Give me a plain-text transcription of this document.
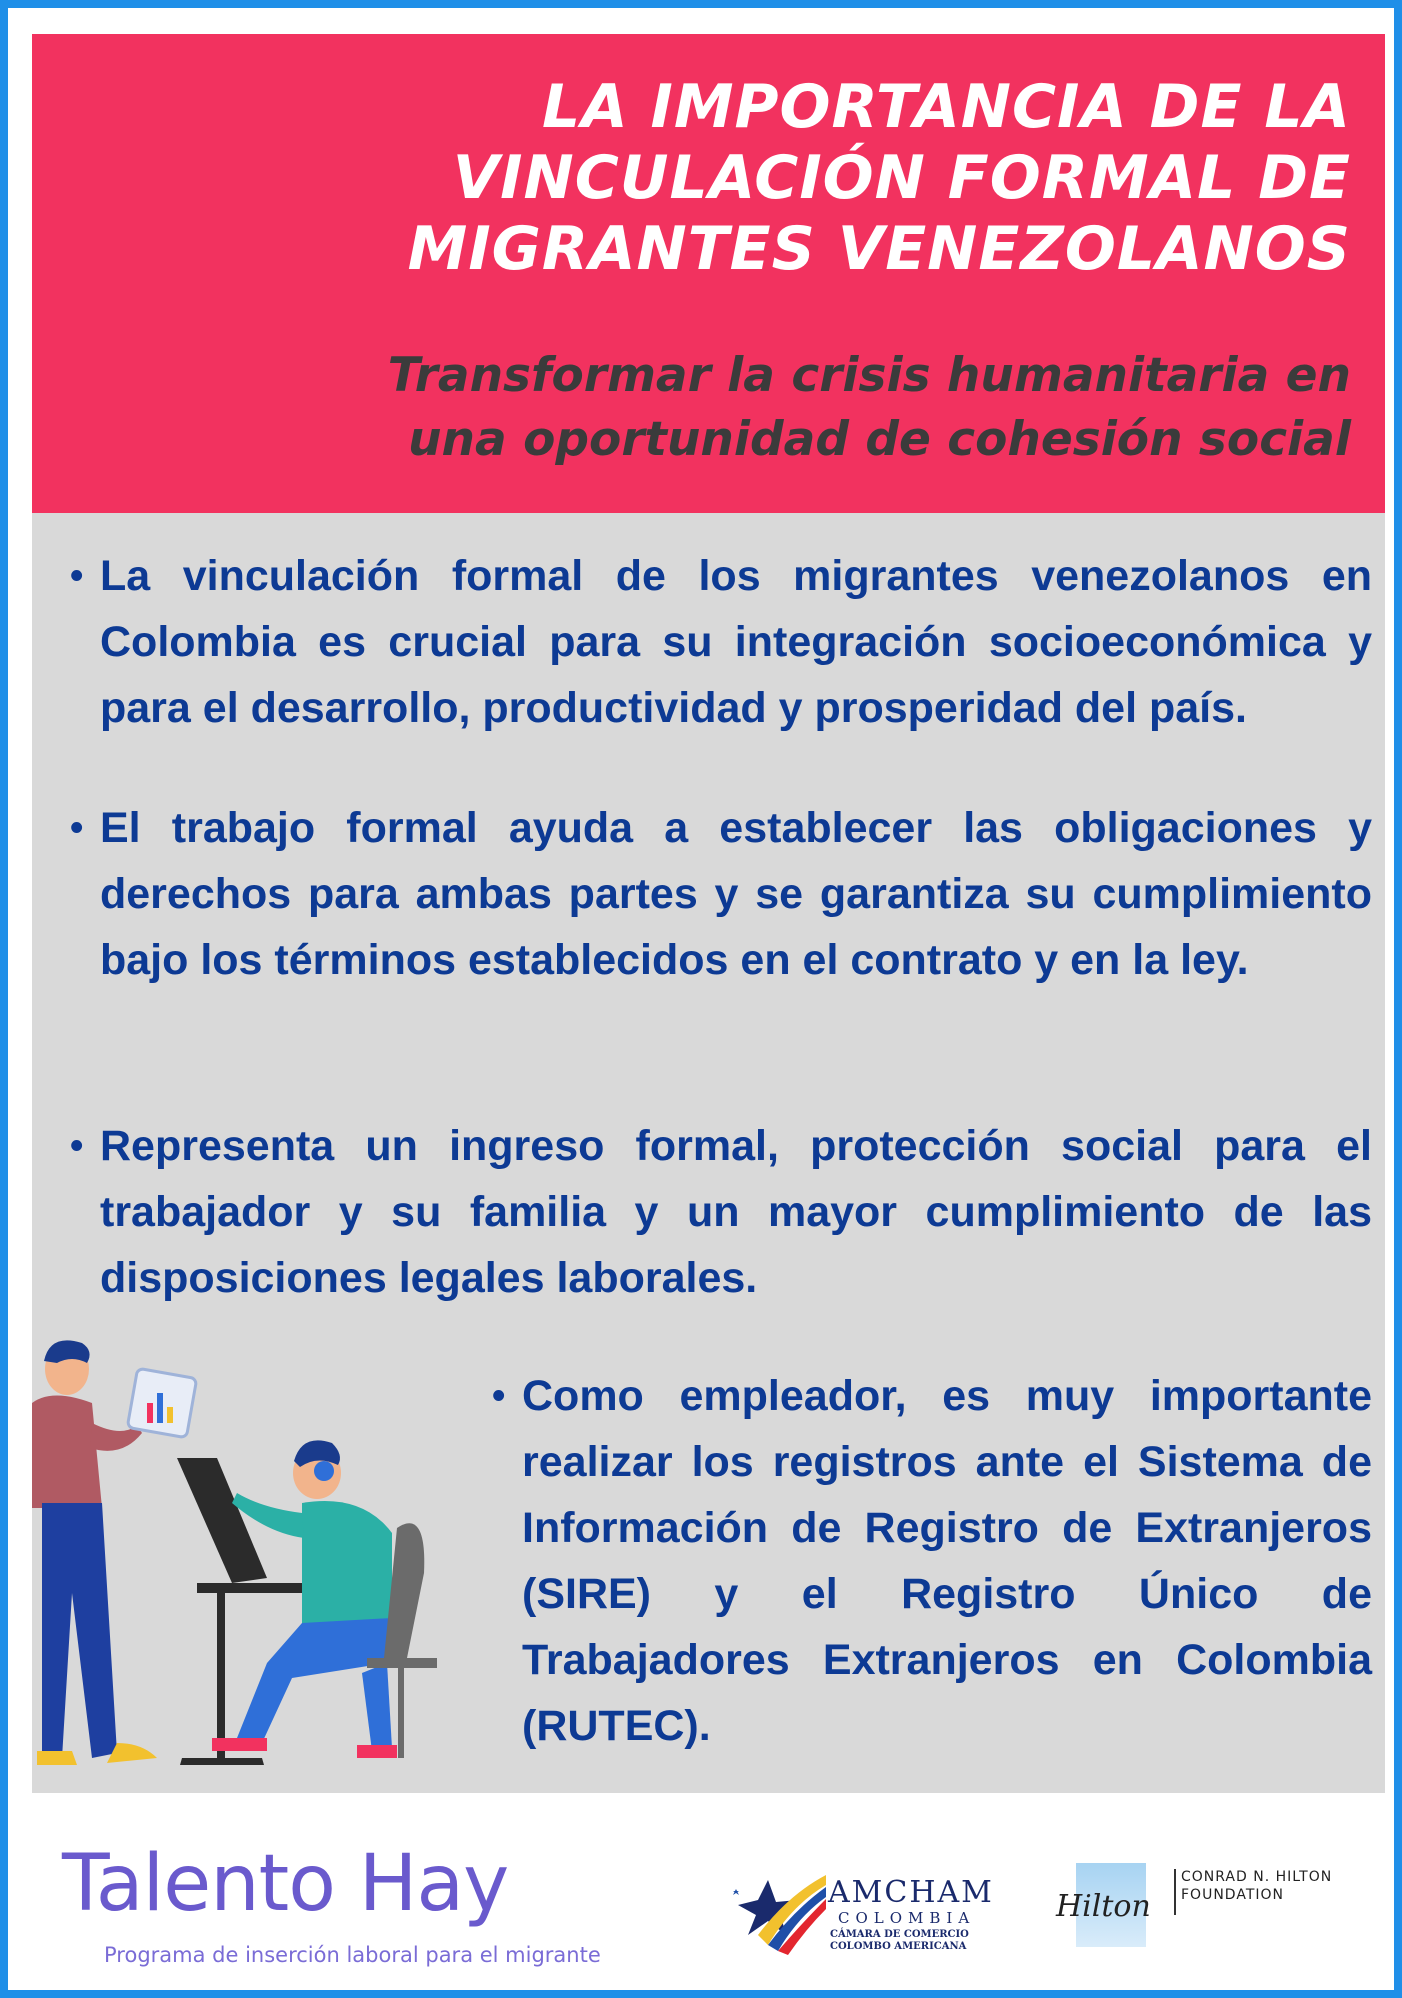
LA IMPORTANCIA DE LA
VINCULACIÓN FORMAL DE
MIGRANTES VENEZOLANOS
Transformar la crisis humanitaria en
una oportunidad de cohesión social
• La vinculación formal de los migrantes venezolanos en Colombia es crucial para su integración socioeconómica y para el desarrollo, productividad y prosperidad del país.
• El trabajo formal ayuda a establecer las obligaciones y derechos para ambas partes y se garantiza su cumplimiento bajo los términos establecidos en el contrato y en la ley.
• Representa un ingreso formal, protección social para el trabajador y su familia y un mayor cumplimiento de las disposiciones legales laborales.
• Como empleador, es muy importante realizar los registros ante el Sistema de Información de Registro de Extranjeros (SIRE) y el Registro Único de Trabajadores Extranjeros en Colombia (RUTEC).
Talento Hay
Programa de inserción laboral para el migrante
AMCHAM
COLOMBIA
CÁMARA DE COMERCIO
COLOMBO AMERICANA
Hilton
CONRAD N. HILTON
FOUNDATION
